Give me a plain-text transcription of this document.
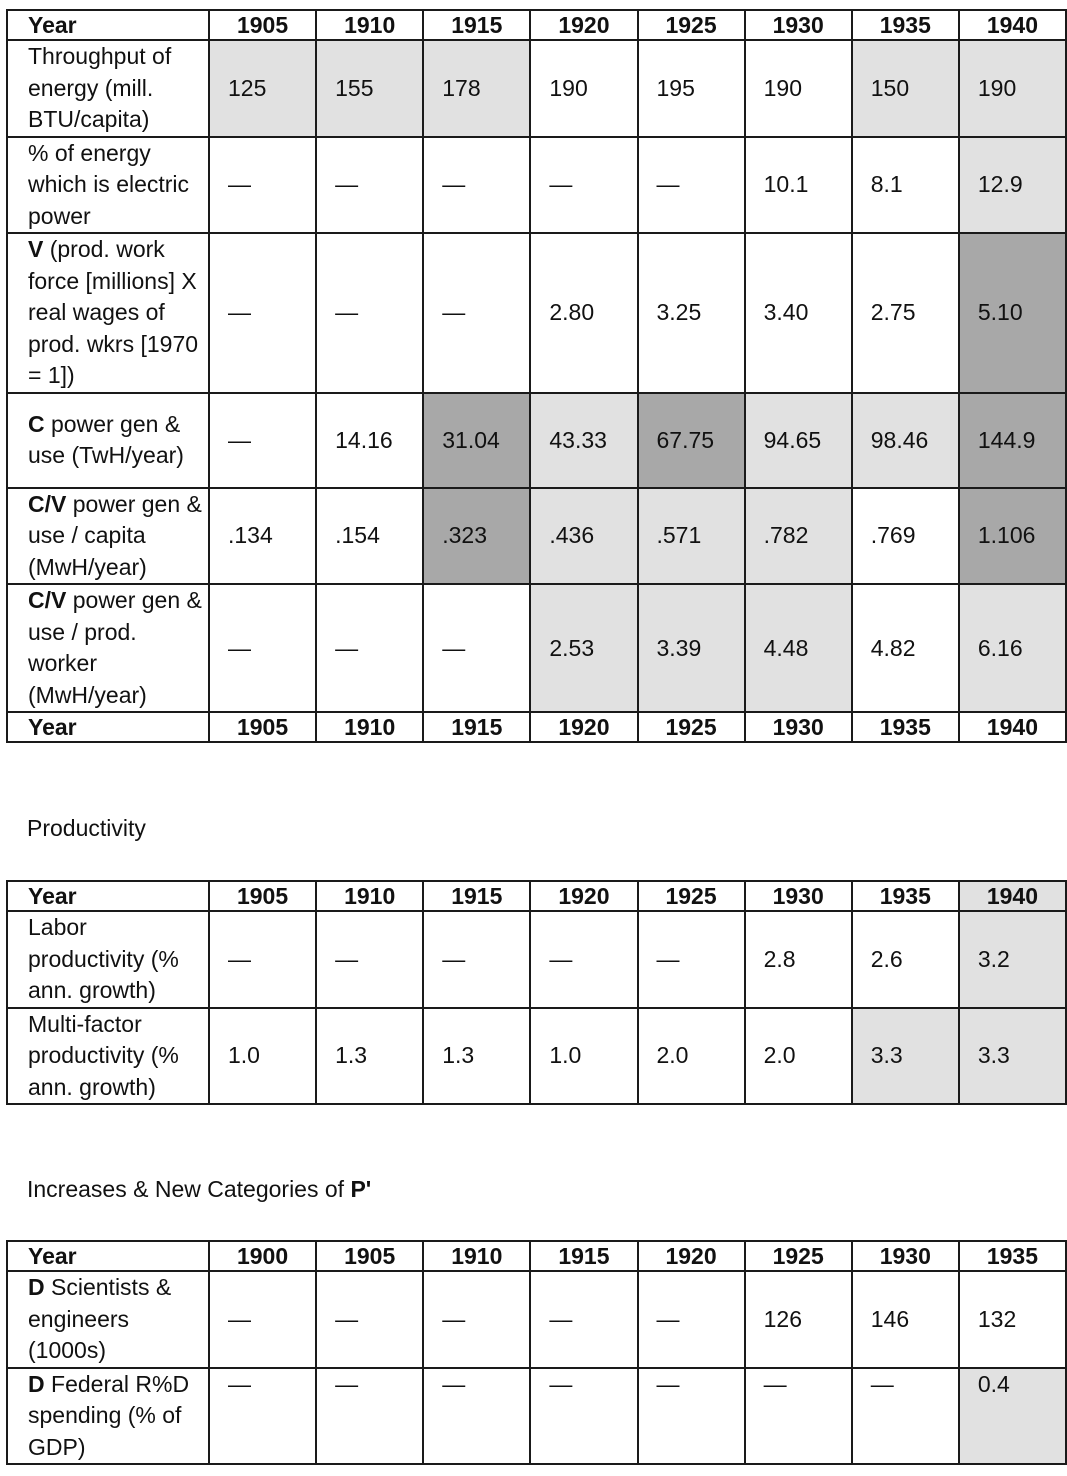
Year	1905	1910	1915	1920	1925	1930	1935	1940
Throughput of energy (mill. BTU/capita)	125	155	178	190	195	190	150	190
% of energy which is electric power	—	—	—	—	—	10.1	8.1	12.9
V (prod. work force [millions] X real wages of prod. wkrs [1970 = 1])	—	—	—	2.80	3.25	3.40	2.75	5.10
C power gen & use (TwH/year)	—	14.16	31.04	43.33	67.75	94.65	98.46	144.9
C/V power gen & use / capita (MwH/year)	.134	.154	.323	.436	.571	.782	.769	1.106
C/V power gen & use / prod. worker (MwH/year)	—	—	—	2.53	3.39	4.48	4.82	6.16
Year	1905	1910	1915	1920	1925	1930	1935	1940
Productivity
Year	1905	1910	1915	1920	1925	1930	1935	1940
Labor productivity (% ann. growth)	—	—	—	—	—	2.8	2.6	3.2
Multi-factor productivity (% ann. growth)	1.0	1.3	1.3	1.0	2.0	2.0	3.3	3.3
Increases & New Categories of P'
Year	1900	1905	1910	1915	1920	1925	1930	1935
D Scientists & engineers (1000s)	—	—	—	—	—	126	146	132
D Federal R%D spending (% of GDP)	—	—	—	—	—	—	—	0.4
